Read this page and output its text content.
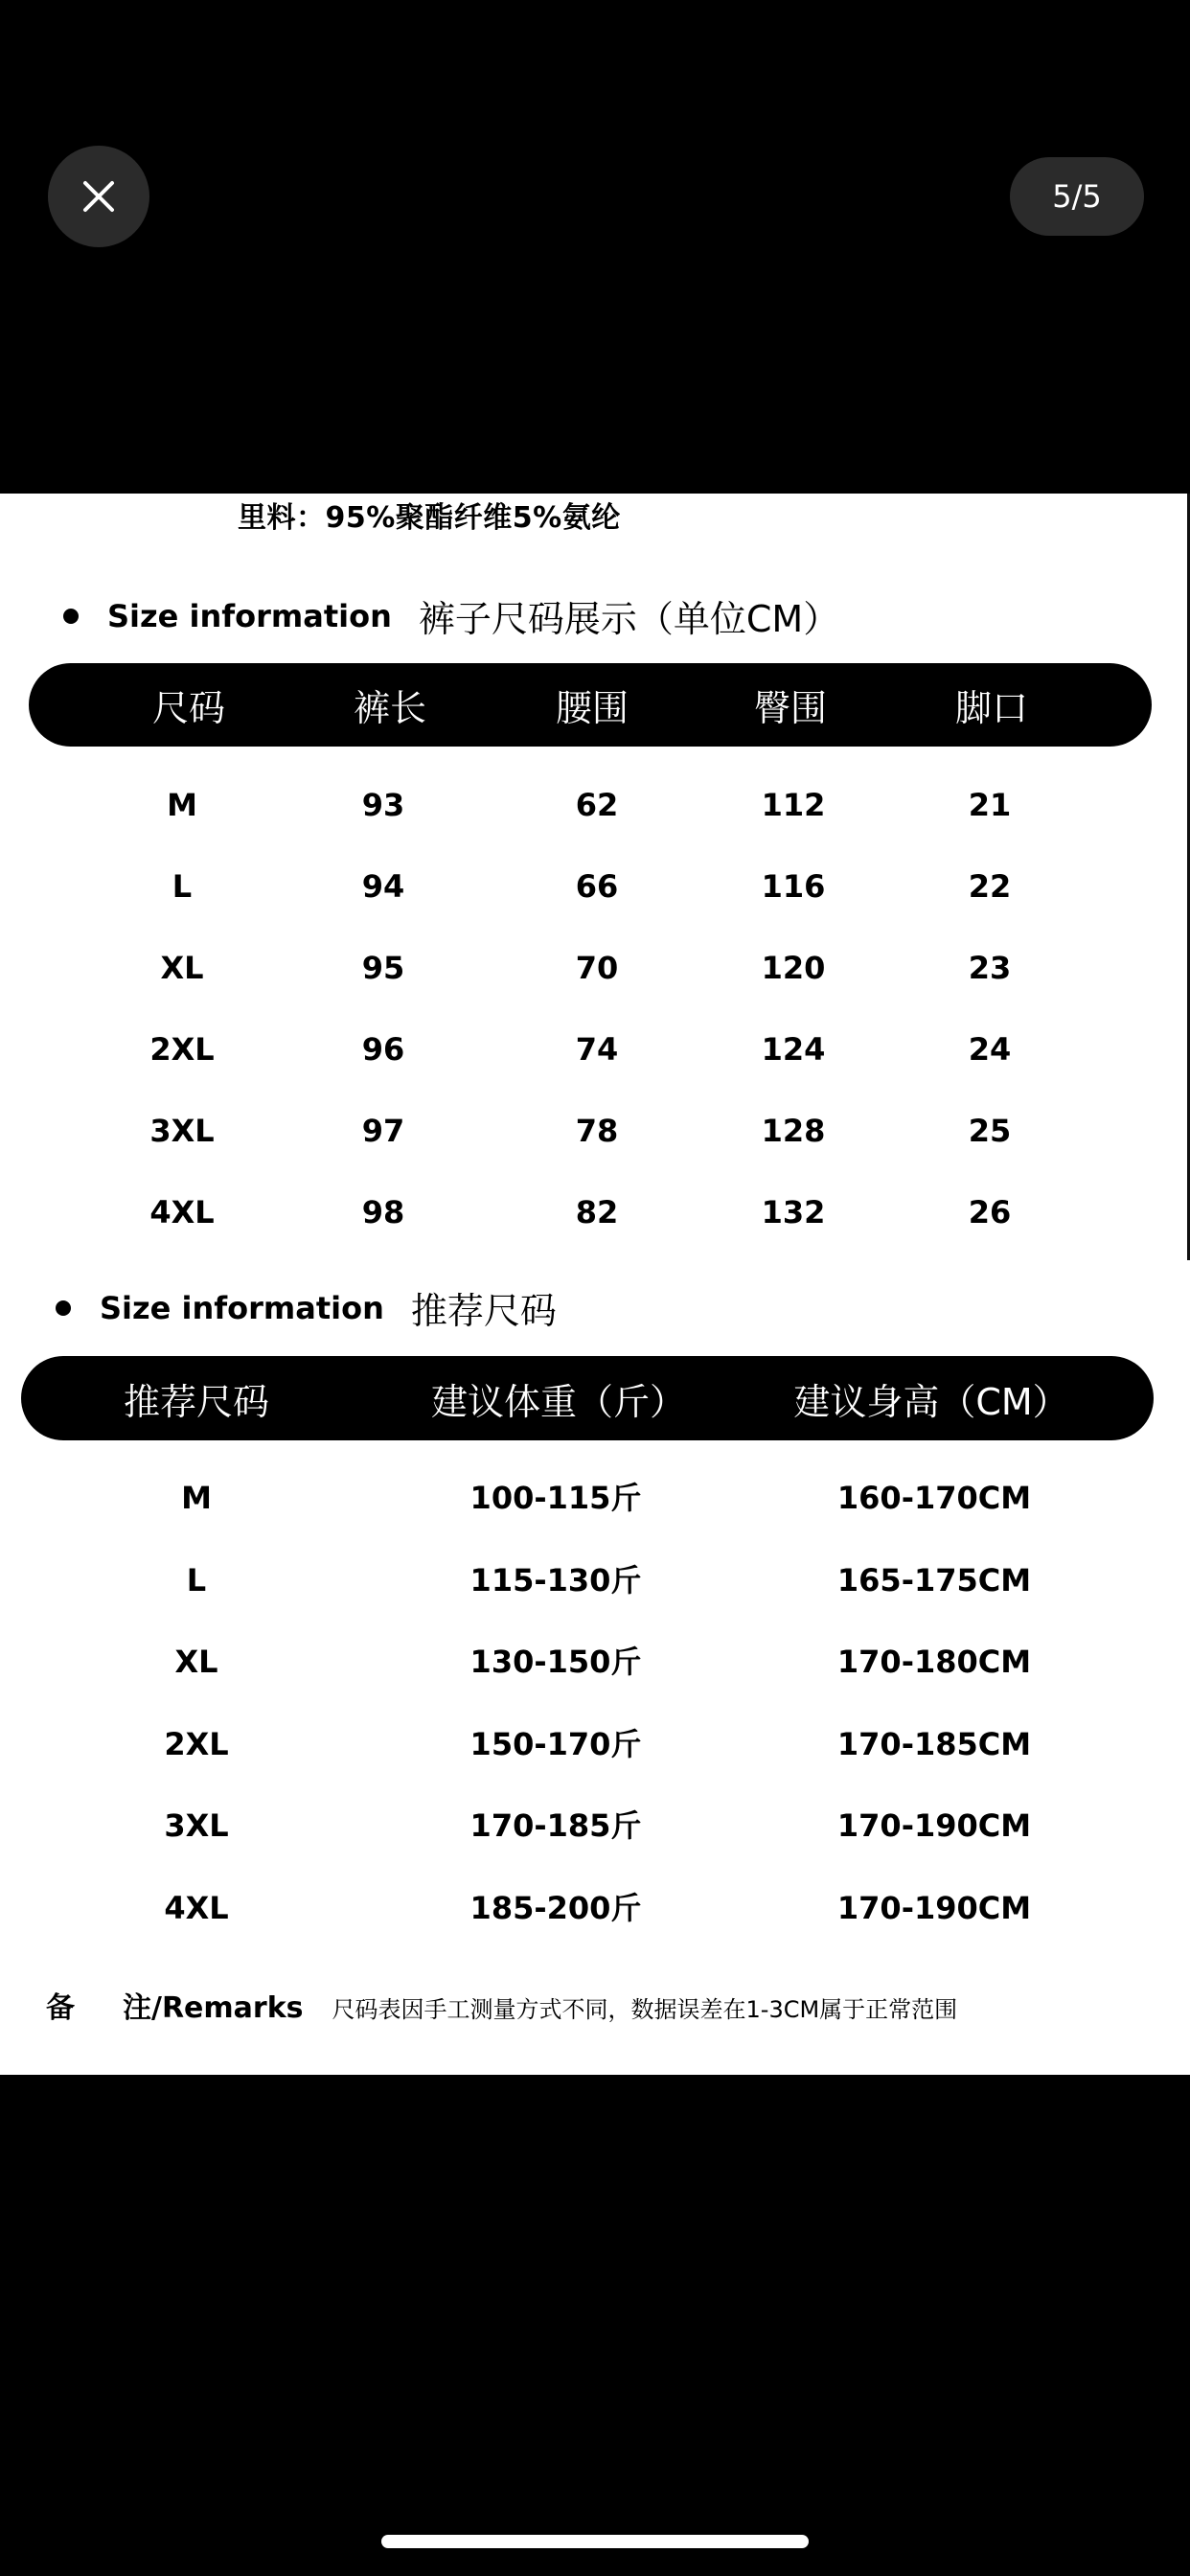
5/5
里料：95%聚酯纤维5%氨纶
Size information 裤子尺码展示（单位CM）
尺码	裤长	腰围	臀围	脚口
M	93	62	112	21
L	94	66	116	22
XL	95	70	120	23
2XL	96	74	124	24
3XL	97	78	128	25
4XL	98	82	132	26
Size information 推荐尺码
推荐尺码	建议体重（斤）	建议身高（CM）
M	100-115斤	160-170CM
L	115-130斤	165-175CM
XL	130-150斤	170-180CM
2XL	150-170斤	170-185CM
3XL	170-185斤	170-190CM
4XL	185-200斤	170-190CM
备 注/Remarks 尺码表因手工测量方式不同，数据误差在1-3CM属于正常范围
